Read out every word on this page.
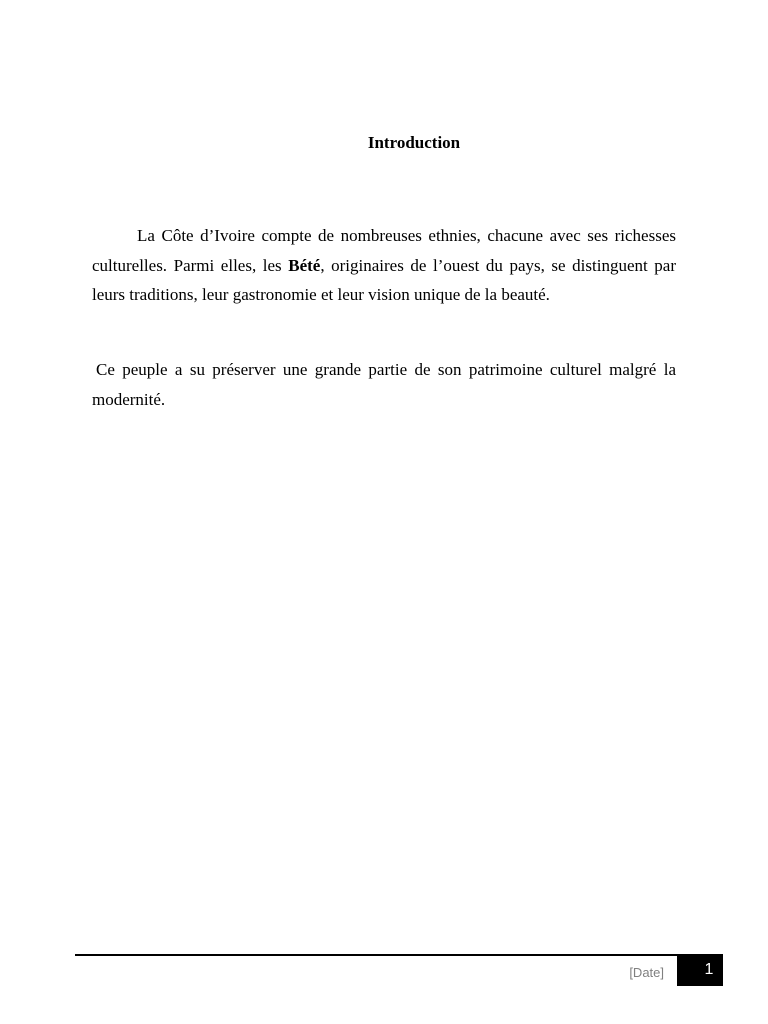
Introduction

La Côte d’Ivoire compte de nombreuses ethnies, chacune avec ses richesses culturelles. Parmi elles, les Bété, originaires de l’ouest du pays, se distinguent par leurs traditions, leur gastronomie et leur vision unique de la beauté.

Ce peuple a su préserver une grande partie de son patrimoine culturel malgré la modernité.

[Date]	1
